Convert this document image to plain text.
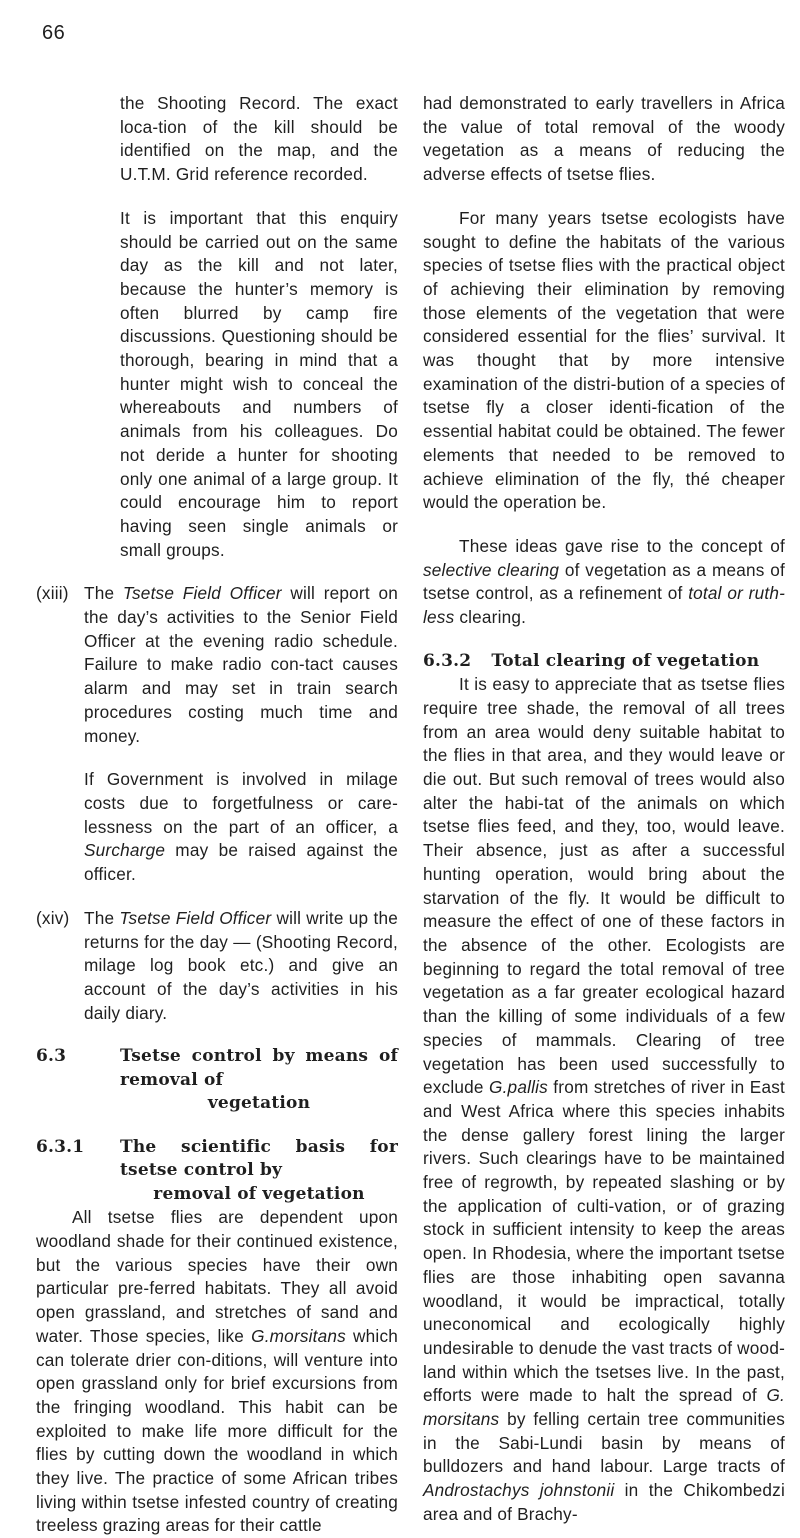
66

the Shooting Record. The exact loca-tion of the kill should be identified on the map, and the U.T.M. Grid reference recorded.

It is important that this enquiry should be carried out on the same day as the kill and not later, because the hunter’s memory is often blurred by camp fire discussions. Questioning should be thorough, bearing in mind that a hunter might wish to conceal the whereabouts and numbers of animals from his colleagues. Do not deride a hunter for shooting only one animal of a large group. It could encourage him to report having seen single animals or small groups.

(xiii) The Tsetse Field Officer will report on the day’s activities to the Senior Field Officer at the evening radio schedule. Failure to make radio con-tact causes alarm and may set in train search procedures costing much time and money.

If Government is involved in milage costs due to forgetfulness or care-lessness on the part of an officer, a Surcharge may be raised against the officer.

(xiv) The Tsetse Field Officer will write up the returns for the day — (Shooting Record, milage log book etc.) and give an account of the day’s activities in his daily diary.

6.3	Tsetse control by means of removal of
vegetation
6.3.1 The scientific basis for tsetse control by
removal of vegetation

All tsetse flies are dependent upon woodland shade for their continued existence, but the various species have their own particular pre-ferred habitats. They all avoid open grassland, and stretches of sand and water. Those species, like G.morsitans which can tolerate drier con-ditions, will venture into open grassland only for brief excursions from the fringing woodland. This habit can be exploited to make life more difficult for the flies by cutting down the woodland in which they live. The practice of some African tribes living within tsetse infested country of creating treeless grazing areas for their cattle

had demonstrated to early travellers in Africa the value of total removal of the woody vegetation as a means of reducing the adverse effects of tsetse flies.

For many years tsetse ecologists have sought to define the habitats of the various species of tsetse flies with the practical object of achieving their elimination by removing those elements of the vegetation that were considered essential for the flies’ survival. It was thought that by more intensive examination of the distri-bution of a species of tsetse fly a closer identi-fication of the essential habitat could be obtained. The fewer elements that needed to be removed to achieve elimination of the fly, thé cheaper would the operation be.

These ideas gave rise to the concept of selective clearing of vegetation as a means of tsetse control, as a refinement of total or ruth-less clearing.

6.3.2 Total clearing of vegetation

It is easy to appreciate that as tsetse flies require tree shade, the removal of all trees from an area would deny suitable habitat to the flies in that area, and they would leave or die out. But such removal of trees would also alter the habi-tat of the animals on which tsetse flies feed, and they, too, would leave. Their absence, just as after a successful hunting operation, would bring about the starvation of the fly. It would be difficult to measure the effect of one of these factors in the absence of the other. Ecologists are beginning to regard the total removal of tree vegetation as a far greater ecological hazard than the killing of some individuals of a few species of mammals. Clearing of tree vegetation has been used successfully to exclude G.pallis from stretches of river in East and West Africa where this species inhabits the dense gallery forest lining the larger rivers. Such clearings have to be maintained free of regrowth, by repeated slashing or by the application of culti-vation, or of grazing stock in sufficient intensity to keep the areas open. In Rhodesia, where the important tsetse flies are those inhabiting open savanna woodland, it would be impractical, totally uneconomical and ecologically highly undesirable to denude the vast tracts of wood-land within which the tsetses live. In the past, efforts were made to halt the spread of G. morsitans by felling certain tree communities in the Sabi-Lundi basin by means of bulldozers and hand labour. Large tracts of Androstachys johnstonii in the Chikombedzi area and of Brachy-
